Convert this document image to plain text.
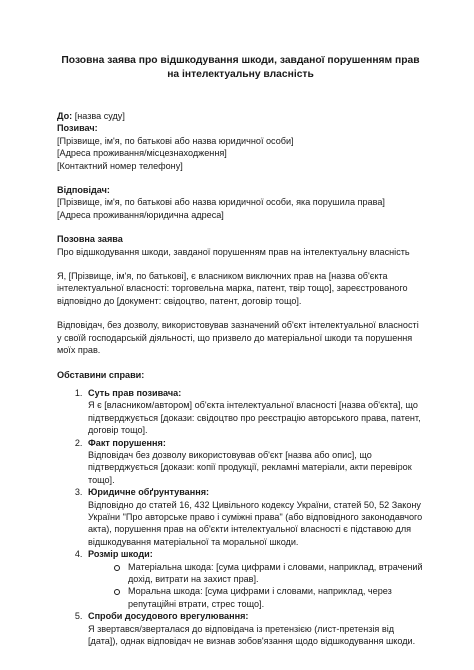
Позовна заява про відшкодування шкоди, завданої порушенням прав на інтелектуальну власність

До: [назва суду]

Позивач:

[Прізвище, ім'я, по батькові або назва юридичної особи]

[Адреса проживання/місцезнаходження]

[Контактний номер телефону]

Відповідач:

[Прізвище, ім'я, по батькові або назва юридичної особи, яка порушила права]

[Адреса проживання/юридична адреса]

Позовна заява

Про відшкодування шкоди, завданої порушенням прав на інтелектуальну власність

Я, [Прізвище, ім'я, по батькові], є власником виключних прав на [назва об'єкта інтелектуальної власності: торговельна марка, патент, твір тощо], зареєстрованого відповідно до [документ: свідоцтво, патент, договір тощо].

Відповідач, без дозволу, використовував зазначений об'єкт інтелектуальної власності у своїй господарській діяльності, що призвело до матеріальної шкоди та порушення моїх прав.

Обставини справи:

1. Суть прав позивача:
Я є [власником/автором] об'єкта інтелектуальної власності [назва об'єкта], що підтверджується [докази: свідоцтво про реєстрацію авторського права, патент, договір тощо].
2. Факт порушення:
Відповідач без дозволу використовував об'єкт [назва або опис], що підтверджується [докази: копії продукції, рекламні матеріали, акти перевірок тощо].
3. Юридичне обґрунтування:
Відповідно до статей 16, 432 Цивільного кодексу України, статей 50, 52 Закону України "Про авторське право і суміжні права" (або відповідного законодавчого акта), порушення прав на об'єкти інтелектуальної власності є підставою для відшкодування матеріальної та моральної шкоди.
4. Розмір шкоди:
Матеріальна шкода: [сума цифрами і словами, наприклад, втрачений дохід, витрати на захист прав].
Моральна шкода: [сума цифрами і словами, наприклад, через репутаційні втрати, стрес тощо].
5. Спроби досудового врегулювання:
Я звертався/зверталася до відповідача із претензією (лист-претензія від [дата]), однак відповідач не визнав зобов'язання щодо відшкодування шкоди.
